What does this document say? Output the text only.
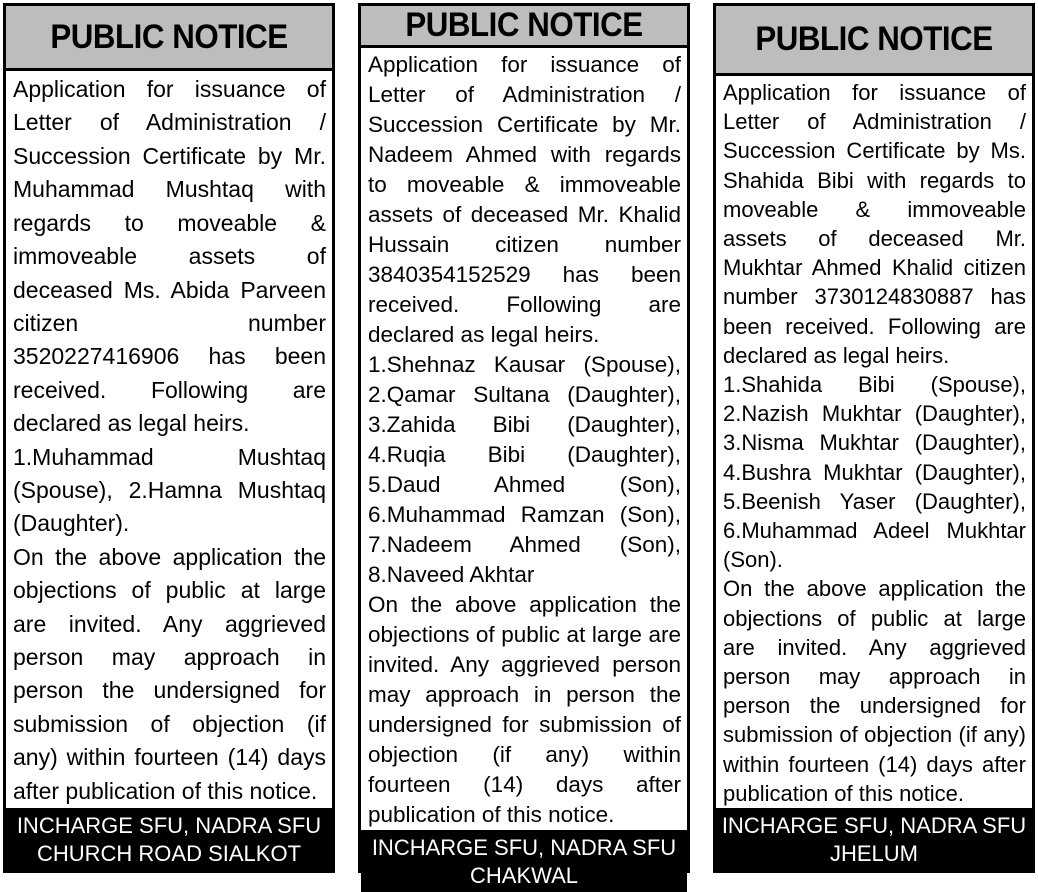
PUBLIC NOTICE

Application for issuance of Letter of Administration / Succession Certificate by Mr. Muhammad Mushtaq with regards to moveable & immoveable assets of deceased Ms. Abida Parveen citizen number 3520227416906 has been received. Following are declared as legal heirs.

1.Muhammad Mushtaq (Spouse), 2.Hamna Mushtaq (Daughter).

On the above application the objections of public at large are invited. Any aggrieved person may approach in person the undersigned for submission of objection (if any) within fourteen (14) days after publication of this notice.

INCHARGE SFU, NADRA SFU
CHURCH ROAD SIALKOT
PUBLIC NOTICE

Application for issuance of Letter of Administration / Succession Certificate by Mr. Nadeem Ahmed with regards to moveable & immoveable assets of deceased Mr. Khalid Hussain citizen number 3840354152529 has been received. Following are declared as legal heirs.

1.Shehnaz Kausar (Spouse), 2.Qamar Sultana (Daughter), 3.Zahida Bibi (Daughter), 4.Ruqia Bibi (Daughter), 5.Daud Ahmed (Son), 6.Muhammad Ramzan (Son), 7.Nadeem Ahmed (Son), 8.Naveed Akhtar

On the above application the objections of public at large are invited. Any aggrieved person may approach in person the undersigned for submission of objection (if any) within fourteen (14) days after publication of this notice.

INCHARGE SFU, NADRA SFU
CHAKWAL
PUBLIC NOTICE

Application for issuance of Letter of Administration / Succession Certificate by Ms. Shahida Bibi with regards to moveable & immoveable assets of deceased Mr. Mukhtar Ahmed Khalid citizen number 3730124830887 has been received. Following are declared as legal heirs.

1.Shahida Bibi (Spouse), 2.Nazish Mukhtar (Daughter), 3.Nisma Mukhtar (Daughter), 4.Bushra Mukhtar (Daughter), 5.Beenish Yaser (Daughter), 6.Muhammad Adeel Mukhtar (Son).

On the above application the objections of public at large are invited. Any aggrieved person may approach in person the undersigned for submission of objection (if any) within fourteen (14) days after publication of this notice.

INCHARGE SFU, NADRA SFU
JHELUM
